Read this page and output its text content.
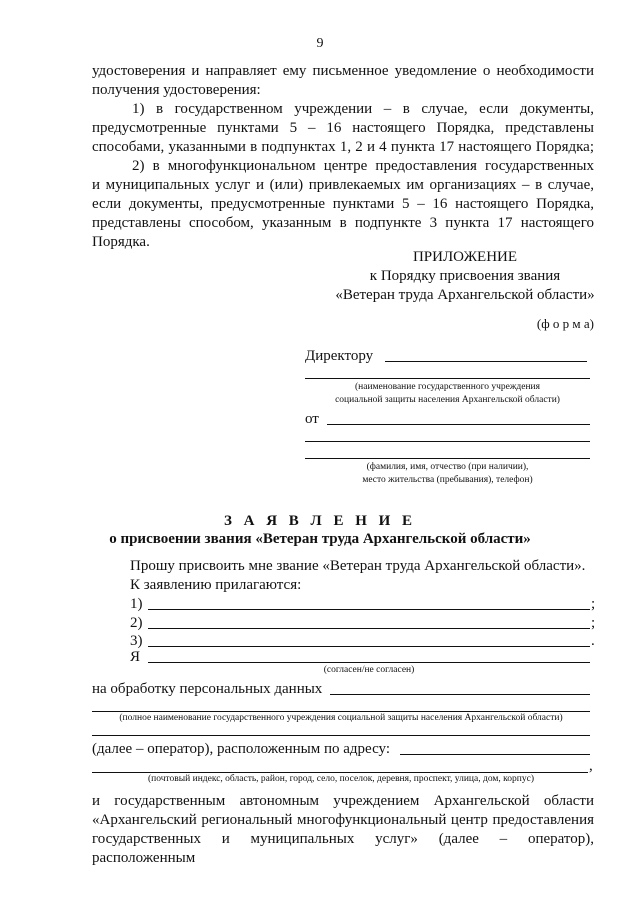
9
удостоверения и направляет ему письменное уведомление о необходимости
получения удостоверения:
1) в государственном учреждении – в случае, если документы,
предусмотренные пунктами 5 – 16 настоящего Порядка, представлены
способами, указанными в подпунктах 1, 2 и 4 пункта 17 настоящего Порядка;
2) в многофункциональном центре предоставления государственных
и муниципальных услуг и (или) привлекаемых им организациях – в случае,
если документы, предусмотренные пунктами 5 – 16 настоящего Порядка,
представлены способом, указанным в подпункте 3 пункта 17 настоящего
Порядка.
ПРИЛОЖЕНИЕ
к Порядку присвоения звания
«Ветеран труда Архангельской области»
(ф о р м а)
Директору
(наименование государственного учреждения
социальной защиты населения Архангельской области)
от
(фамилия, имя, отчество (при наличии),
место жительства (пребывания), телефон)
З А Я В Л Е Н И Е
о присвоении звания «Ветеран труда Архангельской области»
Прошу присвоить мне звание «Ветеран труда Архангельской области».
К заявлению прилагаются:
1)	;
2)	;
3)	.
Я
(согласен/не согласен)
на обработку персональных данных
(полное наименование государственного учреждения социальной защиты населения Архангельской области)
(далее – оператор), расположенным по адресу:
,
(почтовый индекс, область, район, город, село, поселок, деревня, проспект, улица, дом, корпус)
и государственным автономным учреждением Архангельской области
«Архангельский региональный многофункциональный центр предоставления
государственных и муниципальных услуг» (далее – оператор), расположенным
